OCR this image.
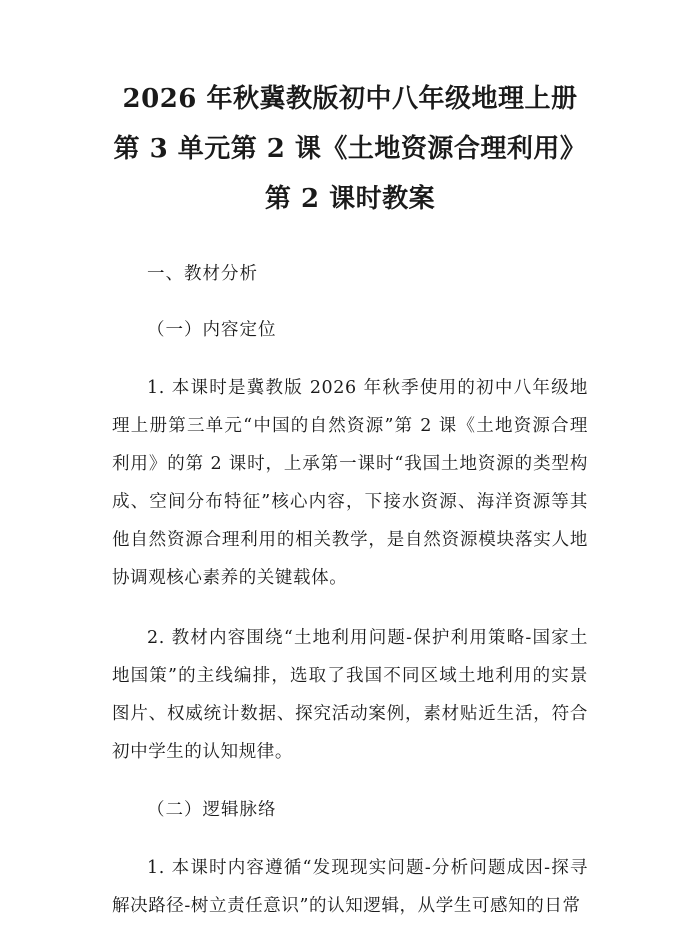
2026 年秋冀教版初中八年级地理上册第 3 单元第 2 课《土地资源合理利用》第 2 课时教案

一、教材分析

（一）内容定位

1. 本课时是冀教版 2026 年秋季使用的初中八年级地理上册第三单元“中国的自然资源”第 2 课《土地资源合理利用》的第 2 课时，上承第一课时“我国土地资源的类型构成、空间分布特征”核心内容，下接水资源、海洋资源等其他自然资源合理利用的相关教学，是自然资源模块落实人地协调观核心素养的关键载体。

2. 教材内容围绕“土地利用问题-保护利用策略-国家土地国策”的主线编排，选取了我国不同区域土地利用的实景图片、权威统计数据、探究活动案例，素材贴近生活，符合初中学生的认知规律。

（二）逻辑脉络

1. 本课时内容遵循“发现现实问题-分析问题成因-探寻解决路径-树立责任意识”的认知逻辑，从学生可感知的日常
